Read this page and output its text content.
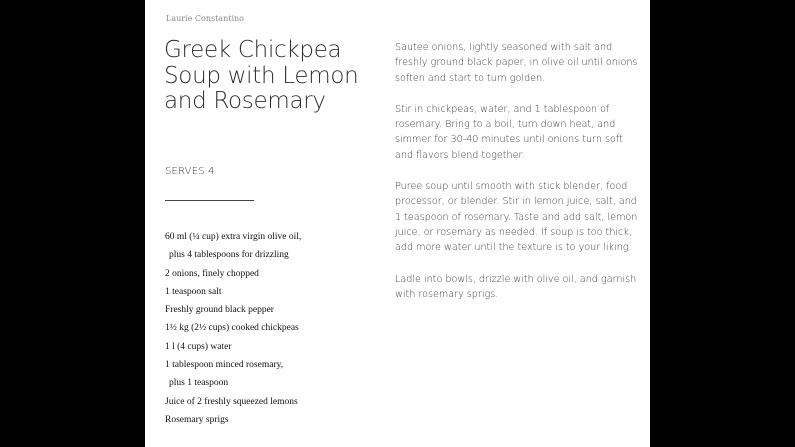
Laurie Constantino
Greek Chickpea Soup with Lemon and Rosemary
SERVES 4
60 ml (¼ cup) extra virgin olive oil,
plus 4 tablespoons for drizzling
2 onions, finely chopped
1 teaspoon salt
Freshly ground black pepper
1½ kg (2½ cups) cooked chickpeas
1 l (4 cups) water
1 tablespoon minced rosemary,
plus 1 teaspoon
Juice of 2 freshly squeezed lemons
Rosemary sprigs

Sautee onions, lightly seasoned with salt and freshly ground black paper, in olive oil until onions soften and start to turn golden.

Stir in chickpeas, water, and 1 tablespoon of rosemary. Bring to a boil, turn down heat, and simmer for 30-40 minutes until onions turn soft and flavors blend together.

Puree soup until smooth with stick blender, food processor, or blender. Stir in lemon juice, salt, and 1 teaspoon of rosemary. Taste and add salt, lemon juice, or rosemary as needed. If soup is too thick, add more water until the texture is to your liking.

Ladle into bowls, drizzle with olive oil, and garnish with rosemary sprigs.
